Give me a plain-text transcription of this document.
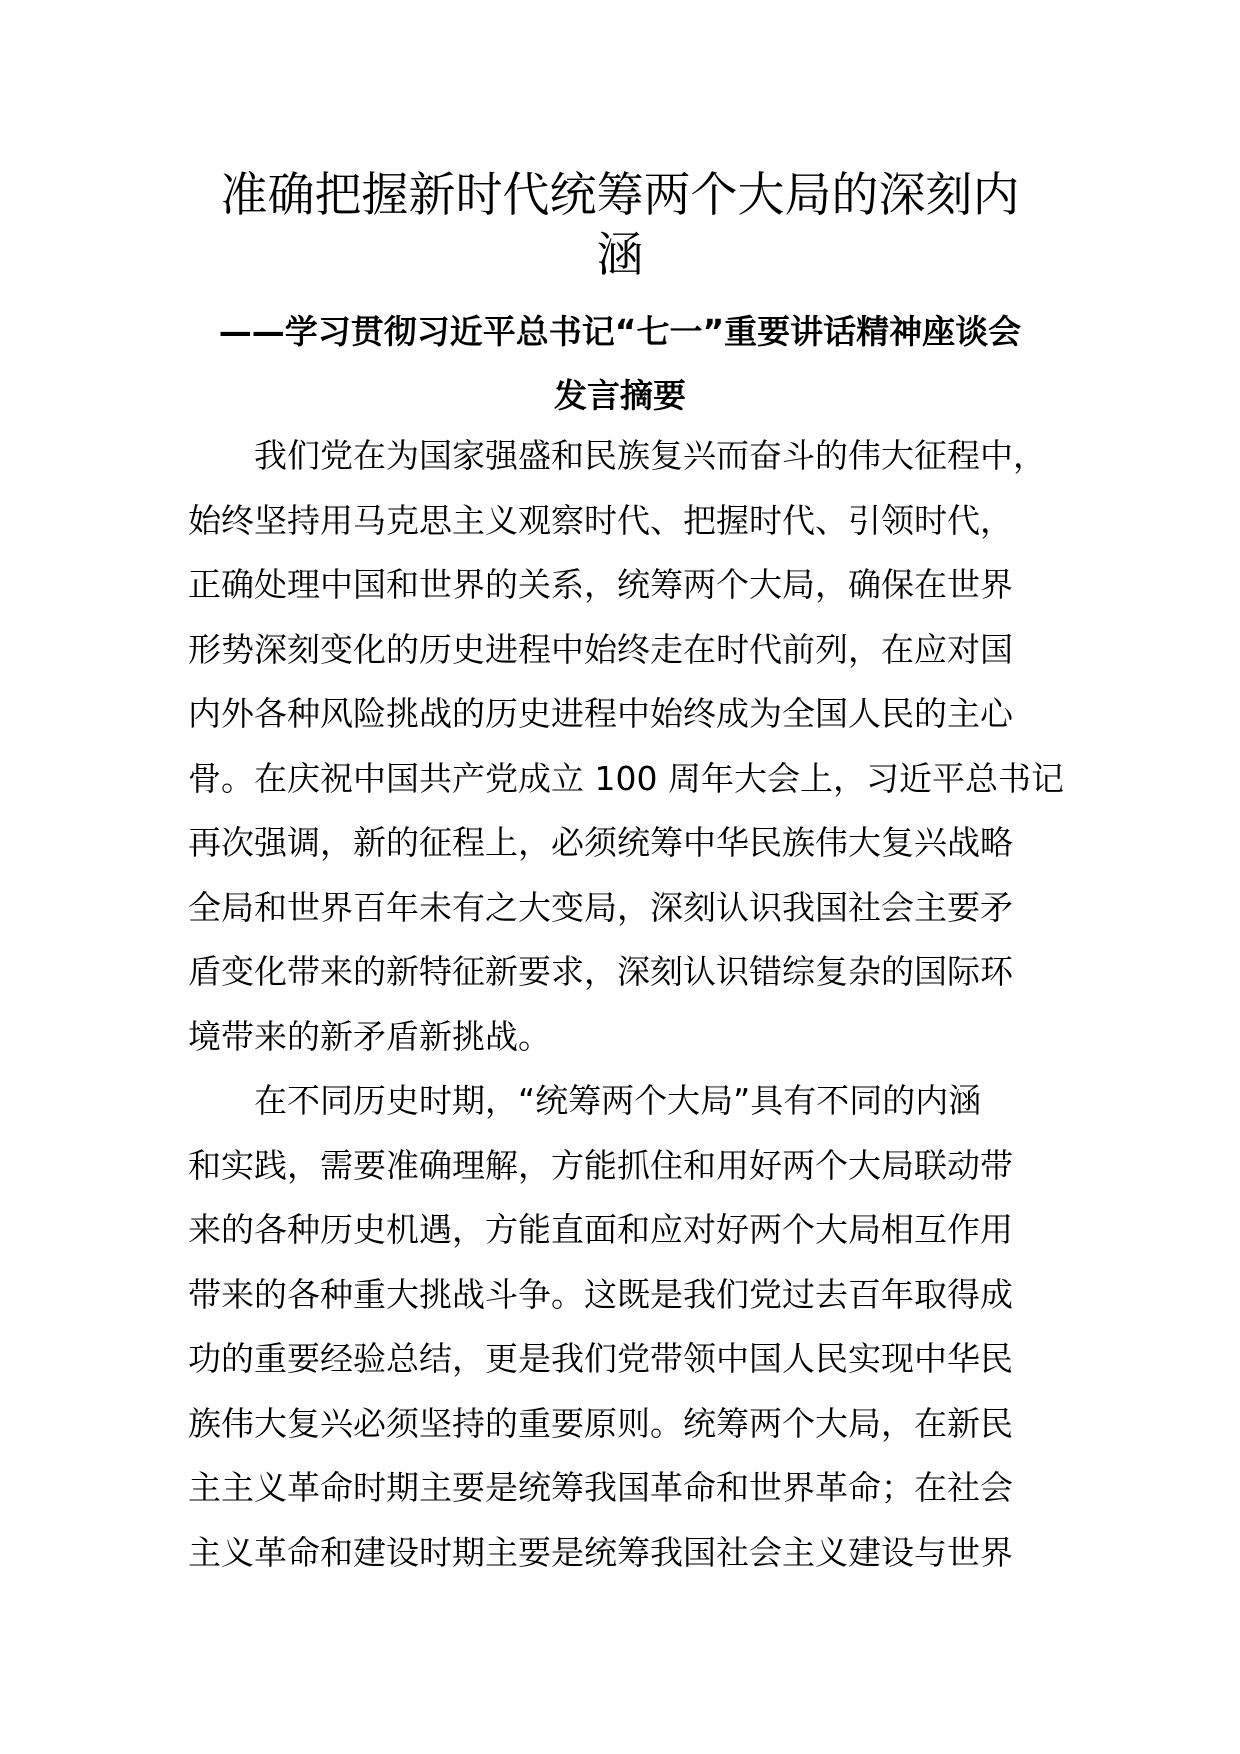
准确把握新时代统筹两个大局的深刻内
涵
——学习贯彻习近平总书记“七一”重要讲话精神座谈会
发言摘要
我们党在为国家强盛和民族复兴而奋斗的伟大征程中，
始终坚持用马克思主义观察时代、把握时代、引领时代，
正确处理中国和世界的关系，统筹两个大局，确保在世界
形势深刻变化的历史进程中始终走在时代前列，在应对国
内外各种风险挑战的历史进程中始终成为全国人民的主心
骨。在庆祝中国共产党成立 100 周年大会上，习近平总书记
再次强调，新的征程上，必须统筹中华民族伟大复兴战略
全局和世界百年未有之大变局，深刻认识我国社会主要矛
盾变化带来的新特征新要求，深刻认识错综复杂的国际环
境带来的新矛盾新挑战。
在不同历史时期，“统筹两个大局”具有不同的内涵
和实践，需要准确理解，方能抓住和用好两个大局联动带
来的各种历史机遇，方能直面和应对好两个大局相互作用
带来的各种重大挑战斗争。这既是我们党过去百年取得成
功的重要经验总结，更是我们党带领中国人民实现中华民
族伟大复兴必须坚持的重要原则。统筹两个大局，在新民
主主义革命时期主要是统筹我国革命和世界革命；在社会
主义革命和建设时期主要是统筹我国社会主义建设与世界
